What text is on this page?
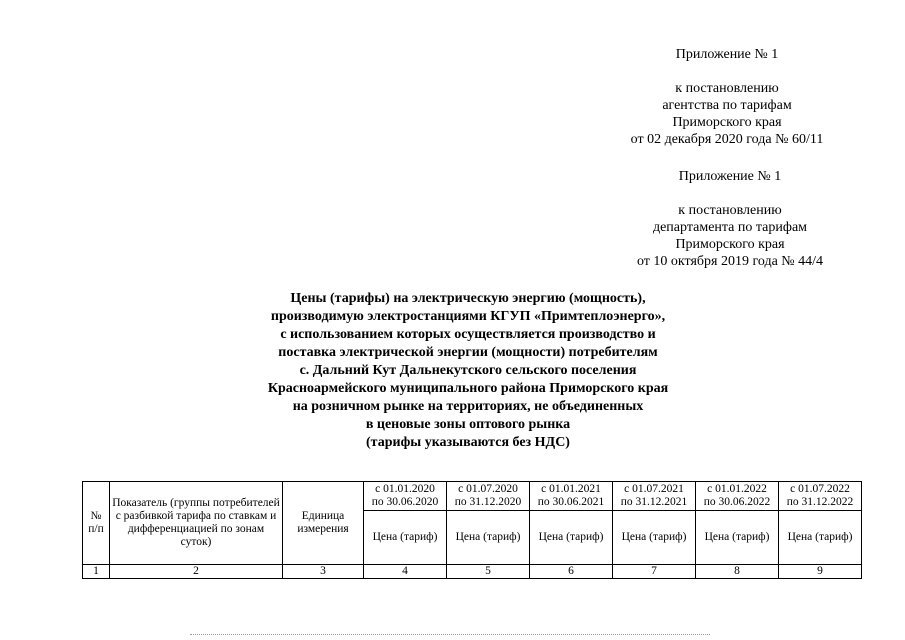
Приложение № 1
к постановлению
агентства по тарифам
Приморского края
от 02 декабря 2020 года № 60/11
Приложение № 1
к постановлению
департамента по тарифам
Приморского края
от 10 октября 2019 года № 44/4
Цены (тарифы) на электрическую энергию (мощность),
производимую электростанциями КГУП «Примтеплоэнерго»,
с использованием которых осуществляется производство и
поставка электрической энергии (мощности) потребителям
с. Дальний Кут Дальнекутского сельского поселения
Красноармейского муниципального района Приморского края
на розничном рынке на территориях, не объединенных
в ценовые зоны оптового рынка
(тарифы указываются без НДС)
№ п/п	Показатель (группы потребителей с разбивкой тарифа по ставкам и дифференциацией по зонам суток)	Единица измерения	с 01.01.2020
по 30.06.2020	с 01.07.2020
по 31.12.2020	с 01.01.2021
по 30.06.2021	с 01.07.2021
по 31.12.2021	с 01.01.2022
по 30.06.2022	с 01.07.2022
по 31.12.2022
			Цена (тариф)	Цена (тариф)	Цена (тариф)	Цена (тариф)	Цена (тариф)	Цена (тариф)
1	2	3	4	5	6	7	8	9
